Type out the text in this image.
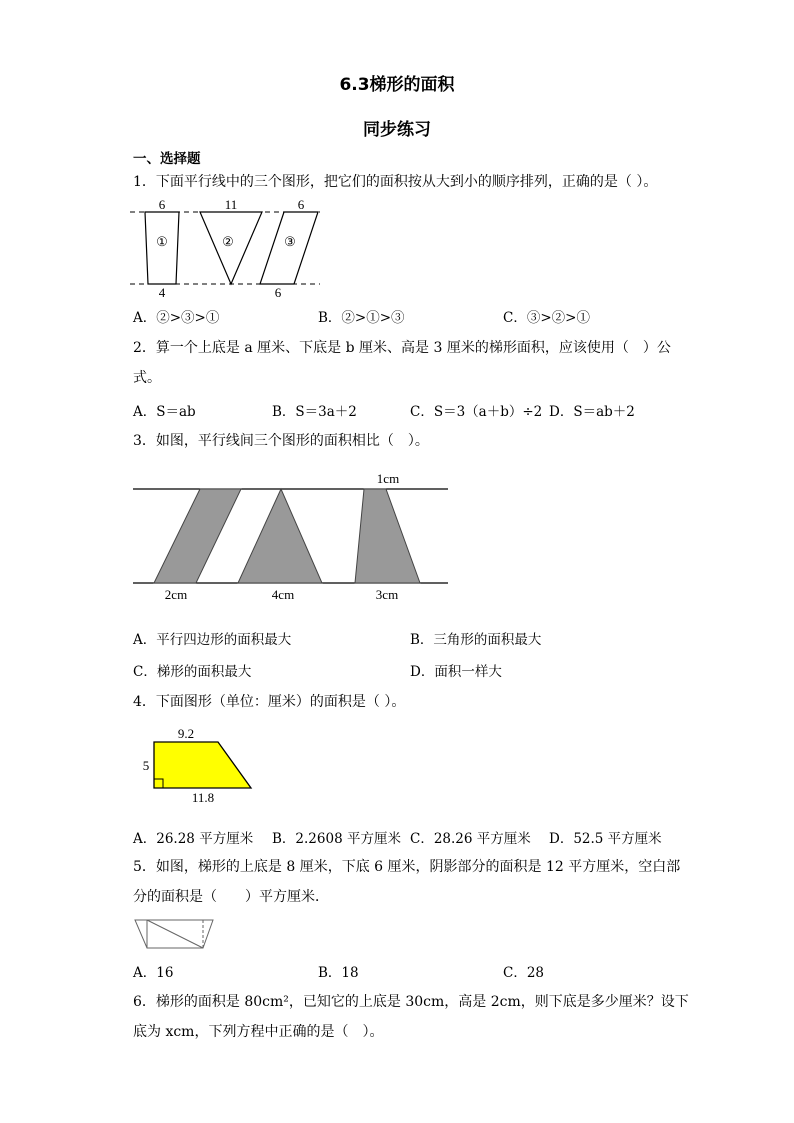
6.3梯形的面积
同步练习
一、选择题
1．下面平行线中的三个图形，把它们的面积按从大到小的顺序排列，正确的是（ ）。
6	11	6
4	6
①	②	③
A．②>③>①	B．②>①>③	C．③>②>①
2．算一个上底是 a 厘米、下底是 b 厘米、高是 3 厘米的梯形面积，应该使用（　）公
式。
A．S＝ab	B．S＝3a＋2	C．S＝3（a＋b）÷2 D．S＝ab＋2
3．如图，平行线间三个图形的面积相比（　）。
1cm
2cm	4cm	3cm
A．平行四边形的面积最大	B．三角形的面积最大
C．梯形的面积最大	D．面积一样大
4．下面图形（单位：厘米）的面积是（ ）。
9.2
5
11.8
A．26.28 平方厘米 B．2.2608 平方厘米 C．28.26 平方厘米 D．52.5 平方厘米
5．如图，梯形的上底是 8 厘米，下底 6 厘米，阴影部分的面积是 12 平方厘米，空白部
分的面积是（　　）平方厘米．
A．16	B．18	C．28
6．梯形的面积是 80cm²，已知它的上底是 30cm，高是 2cm，则下底是多少厘米？设下
底为 xcm，下列方程中正确的是（　）。
